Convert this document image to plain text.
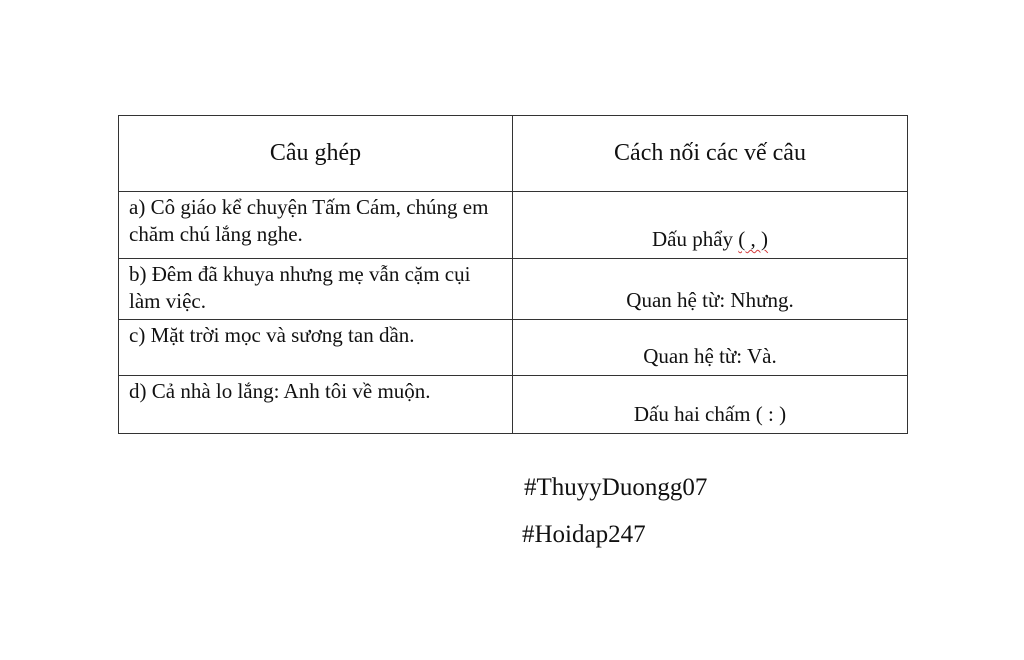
Câu ghép	Cách nối các vế câu
a) Cô giáo kể chuyện Tấm Cám, chúng em chăm chú lắng nghe.	Dấu phẩy ( , )
b) Đêm đã khuya nhưng mẹ vẫn cặm cụi làm việc.	Quan hệ từ: Nhưng.
c) Mặt trời mọc và sương tan dần.	Quan hệ từ: Và.
d) Cả nhà lo lắng: Anh tôi về muộn.	Dấu hai chấm ( : )
#ThuyyDuongg07
#Hoidap247
